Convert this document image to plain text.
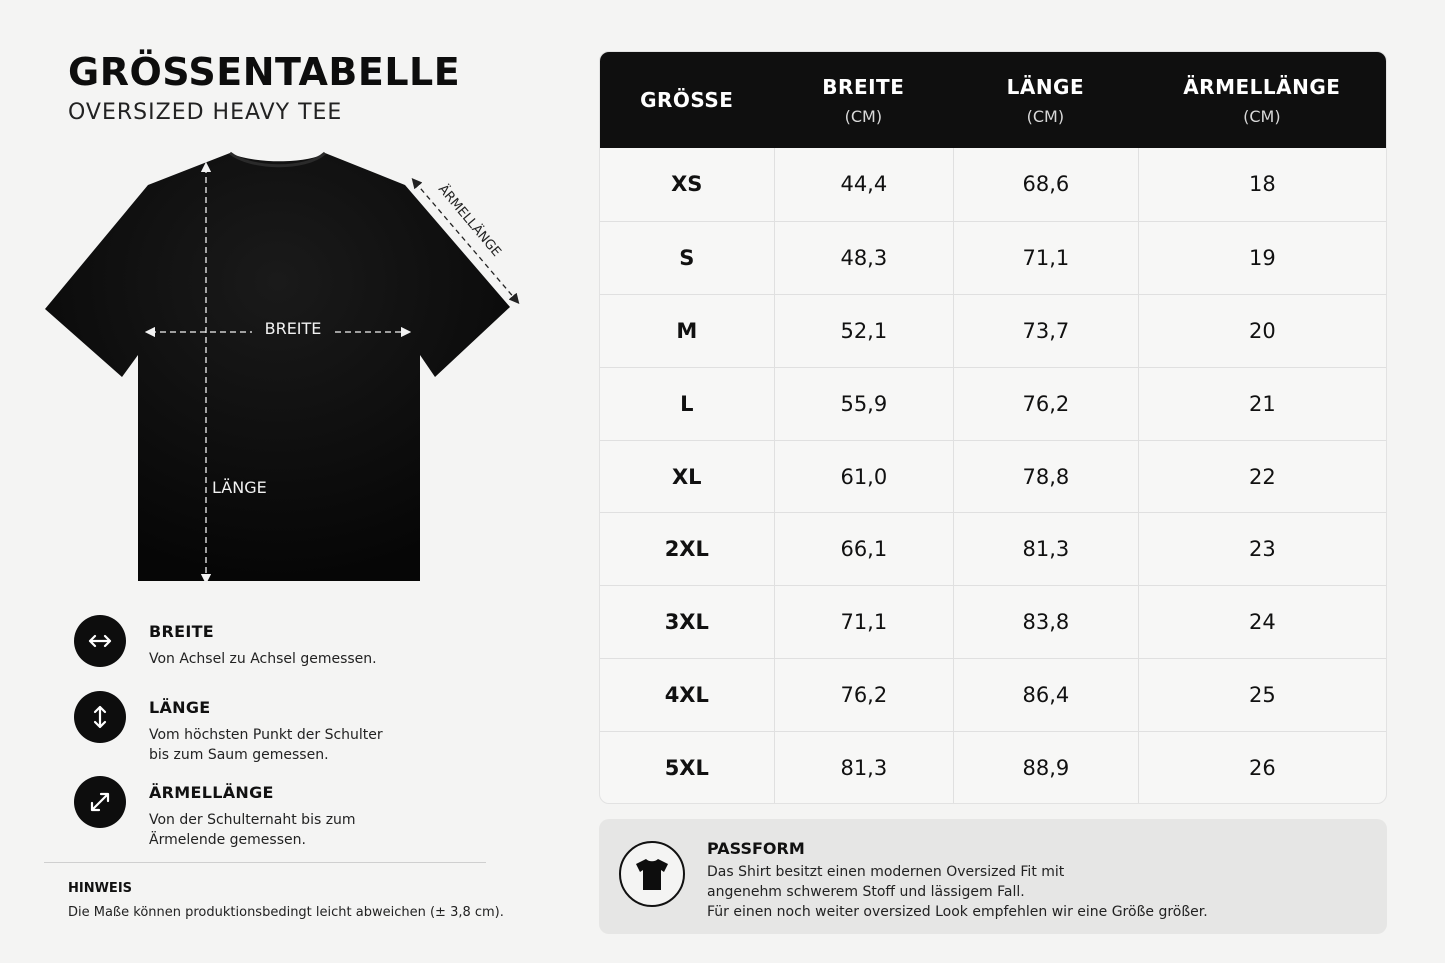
GRÖSSENTABELLE
OVERSIZED HEAVY TEE
BREITE
LÄNGE
ÄRMELLÄNGE
BREITE
Von Achsel zu Achsel gemessen.
LÄNGE
Vom höchsten Punkt der Schulter
bis zum Saum gemessen.
ÄRMELLÄNGE
Von der Schulternaht bis zum
Ärmelende gemessen.
HINWEIS
Die Maße können produktionsbedingt leicht abweichen (± 3,8 cm).
GRÖSSE
BREITE
(CM)
LÄNGE
(CM)
ÄRMELLÄNGE
(CM)
XS	44,4	68,6	18
S	48,3	71,1	19
M	52,1	73,7	20
L	55,9	76,2	21
XL	61,0	78,8	22
2XL	66,1	81,3	23
3XL	71,1	83,8	24
4XL	76,2	86,4	25
5XL	81,3	88,9	26
PASSFORM
Das Shirt besitzt einen modernen Oversized Fit mit
angenehm schwerem Stoff und lässigem Fall.
Für einen noch weiter oversized Look empfehlen wir eine Größe größer.
